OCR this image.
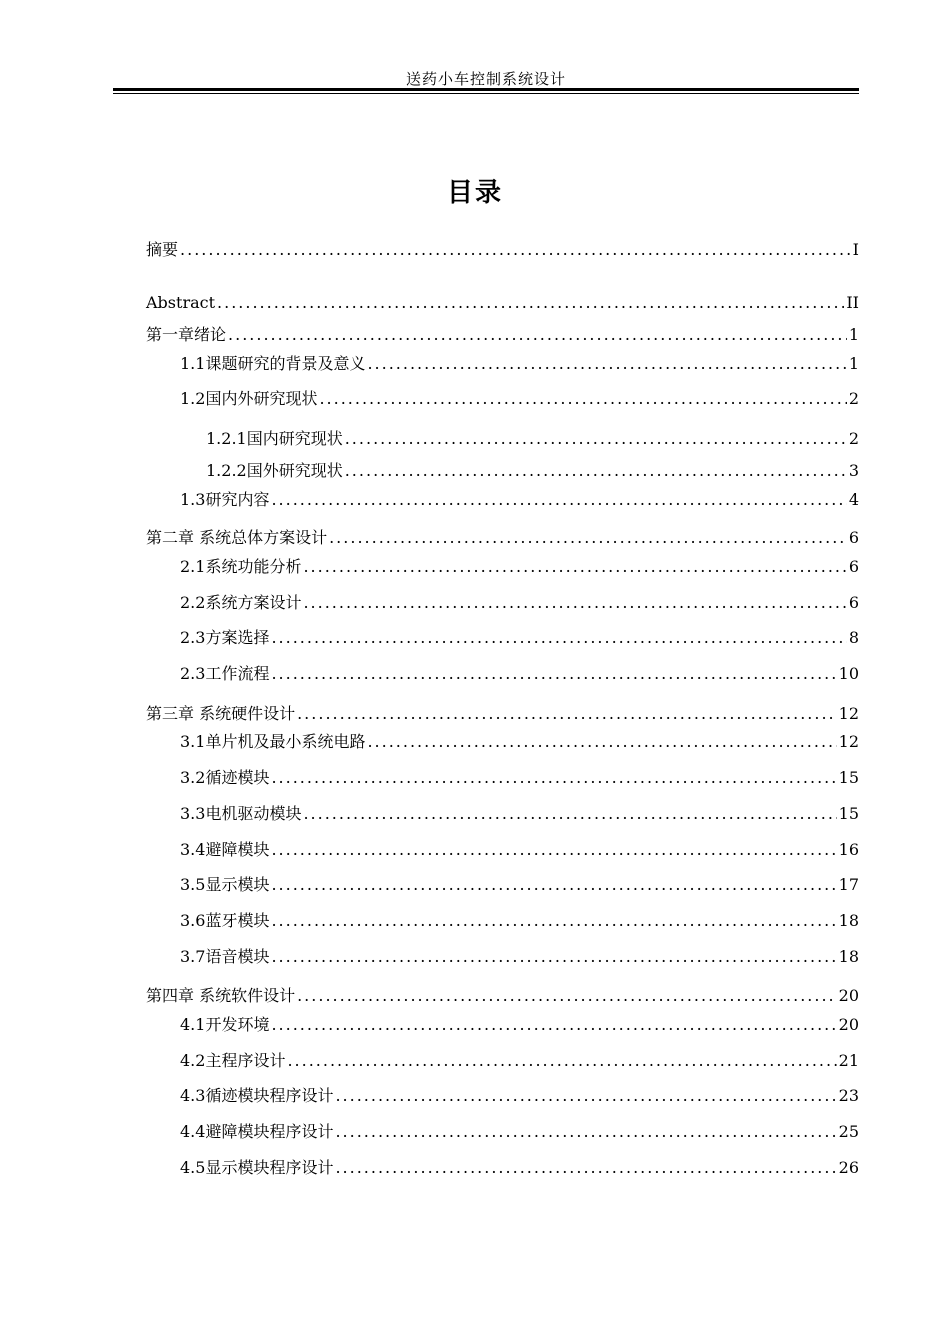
送药小车控制系统设计
目录
摘要 .....	I
Abstract .....	II
第一章绪论 .....	1
1.1课题研究的背景及意义 .....	1
1.2国内外研究现状 .....	2
1.2.1国内研究现状 .....	2
1.2.2国外研究现状 .....	3
1.3研究内容 .....	4
第二章 系统总体方案设计 .....	6
2.1系统功能分析 .....	6
2.2系统方案设计 .....	6
2.3方案选择 .....	8
2.3工作流程 .....	10
第三章 系统硬件设计 .....	12
3.1单片机及最小系统电路 .....	12
3.2循迹模块 .....	15
3.3电机驱动模块 .....	15
3.4避障模块 .....	16
3.5显示模块 .....	17
3.6蓝牙模块 .....	18
3.7语音模块 .....	18
第四章 系统软件设计 .....	20
4.1开发环境 .....	20
4.2主程序设计 .....	21
4.3循迹模块程序设计 .....	23
4.4避障模块程序设计 .....	25
4.5显示模块程序设计 .....	26
